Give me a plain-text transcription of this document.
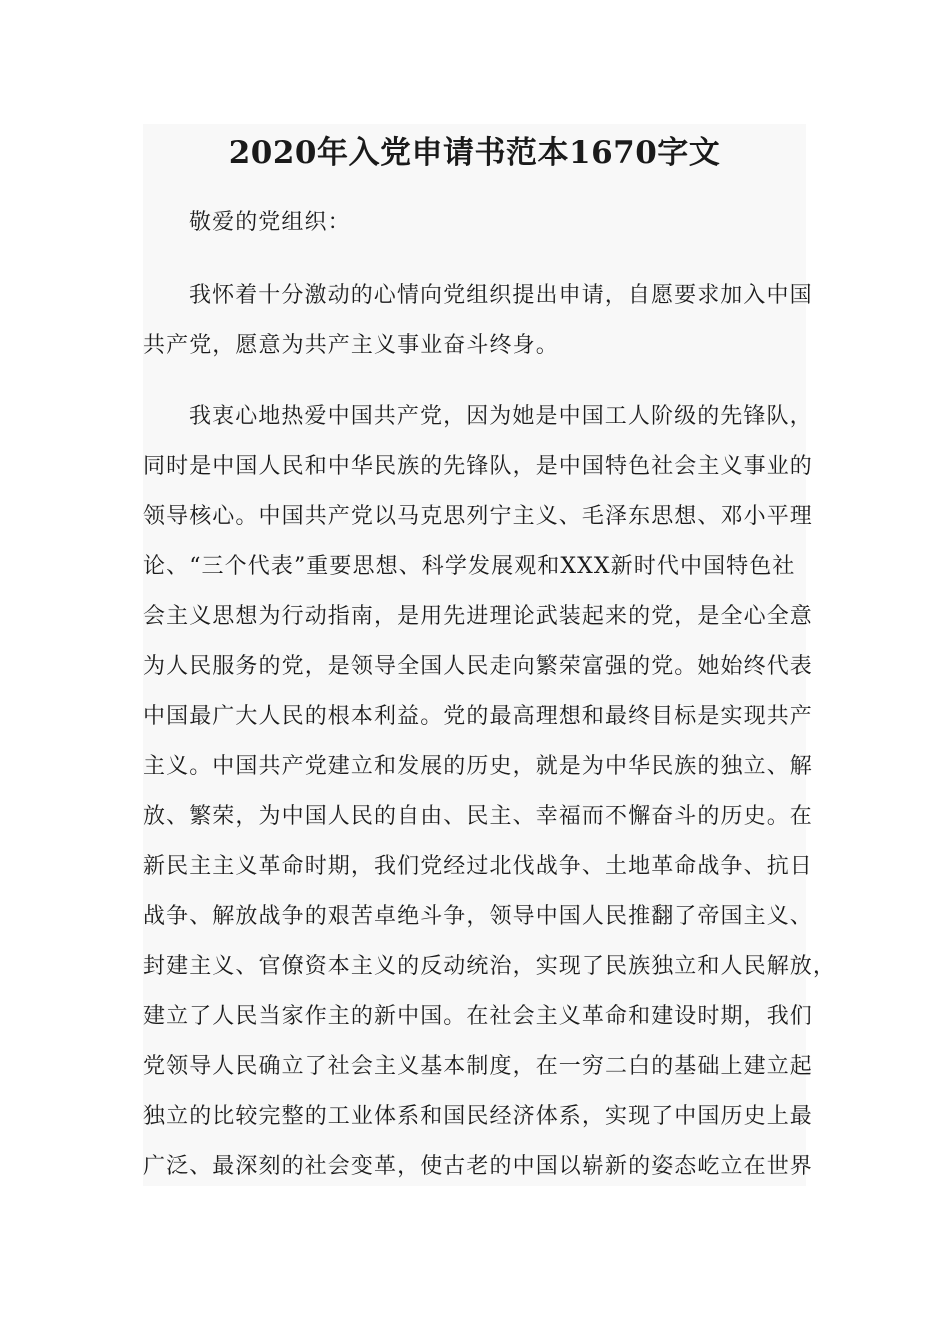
2020年入党申请书范本1670字文
敬爱的党组织：
我怀着十分激动的心情向党组织提出申请，自愿要求加入中国
共产党，愿意为共产主义事业奋斗终身。
我衷心地热爱中国共产党，因为她是中国工人阶级的先锋队，
同时是中国人民和中华民族的先锋队，是中国特色社会主义事业的
领导核心。中国共产党以马克思列宁主义、毛泽东思想、邓小平理
论、“三个代表”重要思想、科学发展观和XXX新时代中国特色社
会主义思想为行动指南，是用先进理论武装起来的党，是全心全意
为人民服务的党，是领导全国人民走向繁荣富强的党。她始终代表
中国最广大人民的根本利益。党的最高理想和最终目标是实现共产
主义。中国共产党建立和发展的历史，就是为中华民族的独立、解
放、繁荣，为中国人民的自由、民主、幸福而不懈奋斗的历史。在
新民主主义革命时期，我们党经过北伐战争、土地革命战争、抗日
战争、解放战争的艰苦卓绝斗争，领导中国人民推翻了帝国主义、
封建主义、官僚资本主义的反动统治，实现了民族独立和人民解放，
建立了人民当家作主的新中国。在社会主义革命和建设时期，我们
党领导人民确立了社会主义基本制度，在一穷二白的基础上建立起
独立的比较完整的工业体系和国民经济体系，实现了中国历史上最
广泛、最深刻的社会变革，使古老的中国以崭新的姿态屹立在世界
